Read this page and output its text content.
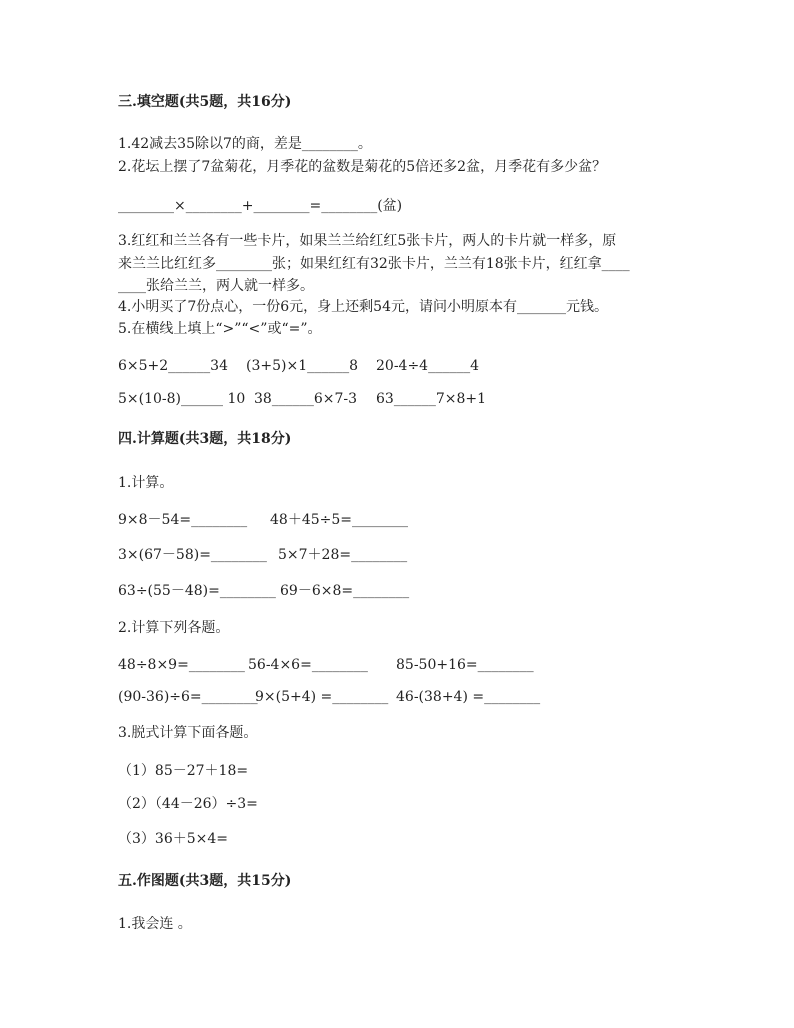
三.填空题(共5题，共16分)
1.42减去35除以7的商，差是________。
2.花坛上摆了7盆菊花，月季花的盆数是菊花的5倍还多2盆，月季花有多少盆？
________×________+________=________(盆)
3.红红和兰兰各有一些卡片，如果兰兰给红红5张卡片，两人的卡片就一样多，原
来兰兰比红红多________张；如果红红有32张卡片，兰兰有18张卡片，红红拿____
____张给兰兰，两人就一样多。
4.小明买了7份点心，一份6元，身上还剩54元，请问小明原本有_______元钱。
5.在横线上填上“>”“<”或“=”。
6×5+2______34 (3+5)×1______8 20-4÷4______4
5×(10-8)______ 10 38______6×7-3 63______7×8+1
四.计算题(共3题，共18分)
1.计算。
9×8－54=________ 48＋45÷5=________
3×(67－58)=________ 5×7＋28=________
63÷(55－48)=________ 69－6×8=________
2.计算下列各题。
48÷8×9=________ 56-4×6=________ 85-50+16=________
(90-36)÷6=________
9×(5+4) =________ 46-(38+4) =________
3.脱式计算下面各题。
（1）85－27＋18=
（2）（44－26）÷3=
（3）36＋5×4=
五.作图题(共3题，共15分)
1.我会连 。
